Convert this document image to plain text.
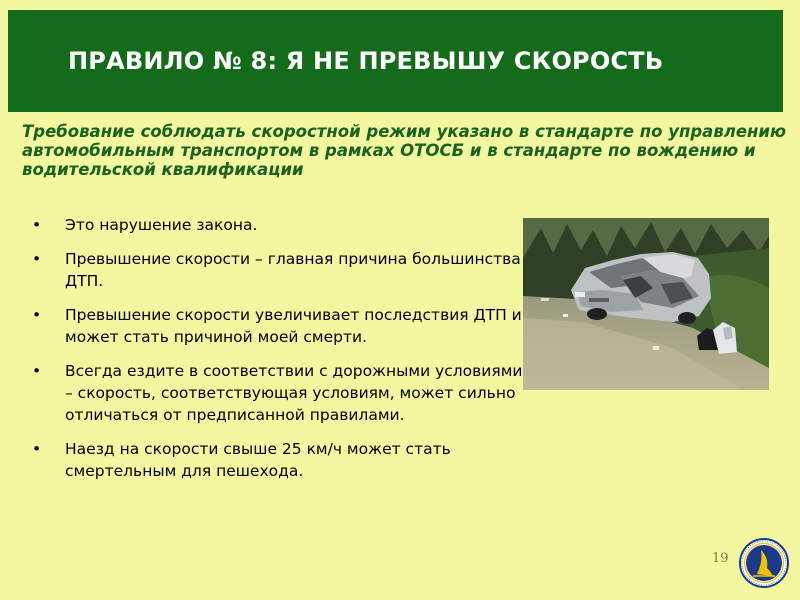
ПРАВИЛО № 8: Я НЕ ПРЕВЫШУ СКОРОСТЬ

Требование соблюдать скоростной режим указано в стандарте по управлению автомобильным транспортом в рамках ОТОСБ и в стандарте по вождению и водительской квалификации

• Это нарушение закона.
• Превышение скорости – главная причина большинства ДТП.
• Превышение скорости увеличивает последствия ДТП и может стать причиной моей смерти.
• Всегда ездите в соответствии с дорожными условиями – скорость, соответствующая условиям, может сильно отличаться от предписанной правилами.
• Наезд на скорости свыше 25 км/ч может стать смертельным для пешехода.
19
